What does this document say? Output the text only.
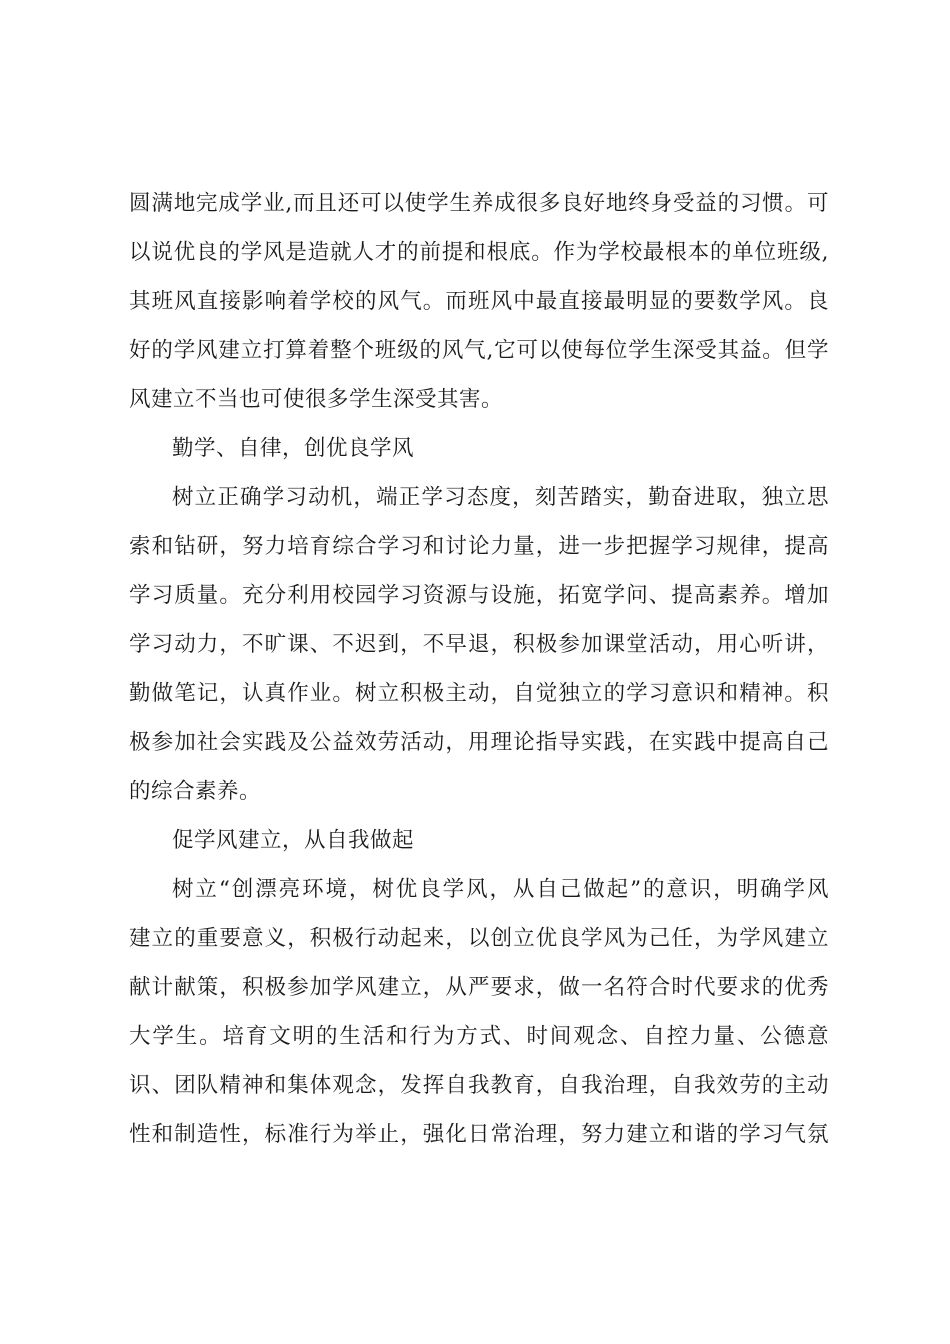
圆满地完成学业,而且还可以使学生养成很多良好地终身受益的习惯。可
以说优良的学风是造就人才的前提和根底。作为学校最根本的单位班级,
其班风直接影响着学校的风气。而班风中最直接最明显的要数学风。良
好的学风建立打算着整个班级的风气,它可以使每位学生深受其益。但学
风建立不当也可使很多学生深受其害。
勤学、自律，创优良学风
树立正确学习动机，端正学习态度，刻苦踏实，勤奋进取，独立思
索和钻研，努力培育综合学习和讨论力量，进一步把握学习规律，提高
学习质量。充分利用校园学习资源与设施，拓宽学问、提高素养。增加
学习动力，不旷课、不迟到，不早退，积极参加课堂活动，用心听讲，
勤做笔记，认真作业。树立积极主动，自觉独立的学习意识和精神。积
极参加社会实践及公益效劳活动，用理论指导实践，在实践中提高自己
的综合素养。
促学风建立，从自我做起
树立“创漂亮环境，树优良学风，从自己做起”的意识，明确学风
建立的重要意义，积极行动起来，以创立优良学风为己任，为学风建立
献计献策，积极参加学风建立，从严要求，做一名符合时代要求的优秀
大学生。培育文明的生活和行为方式、时间观念、自控力量、公德意
识、团队精神和集体观念，发挥自我教育，自我治理，自我效劳的主动
性和制造性，标准行为举止，强化日常治理，努力建立和谐的学习气氛
